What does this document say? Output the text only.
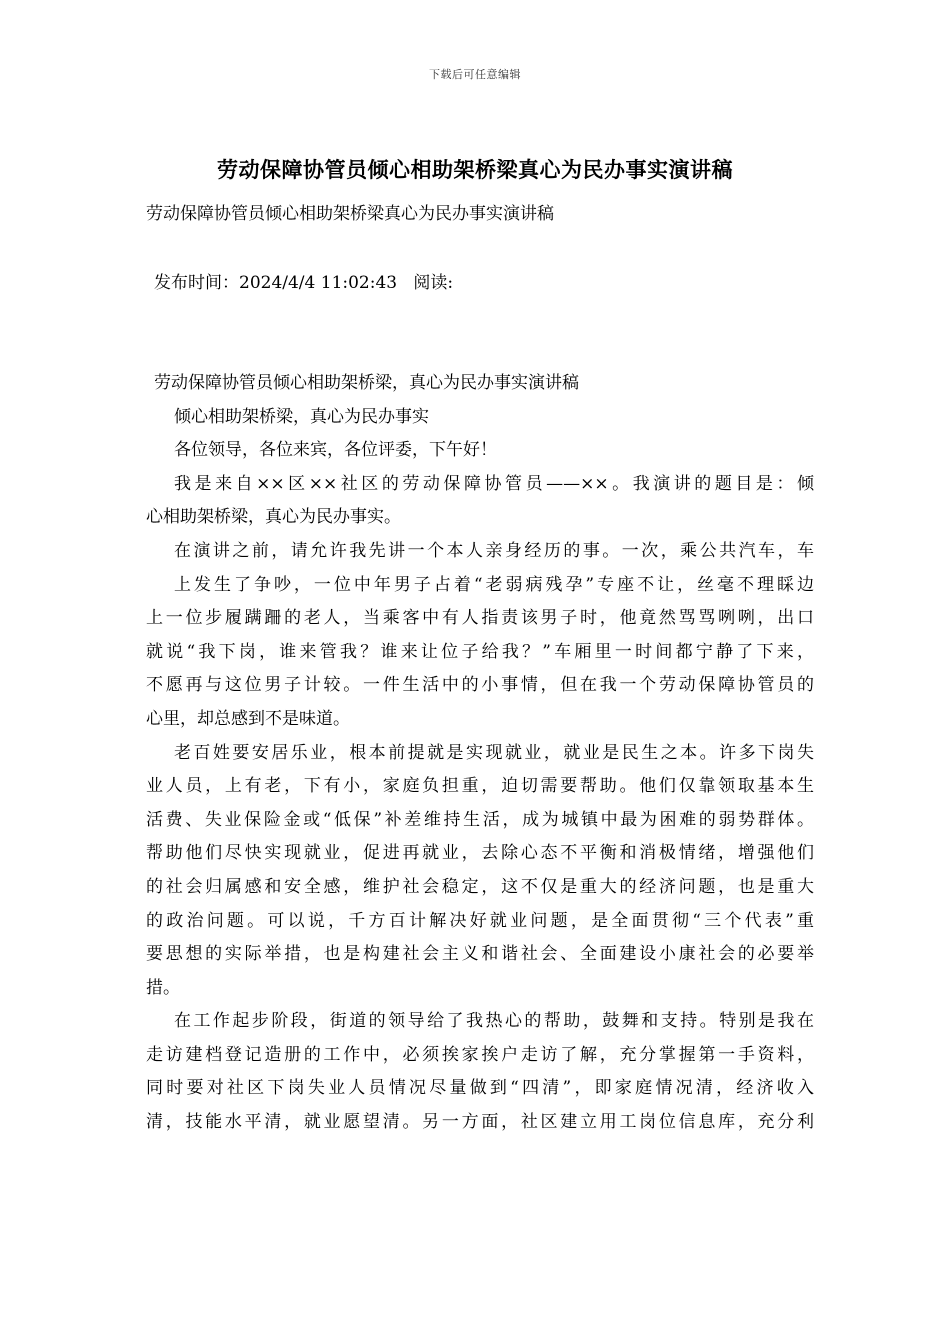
下载后可任意编辑
劳动保障协管员倾心相助架桥梁真心为民办事实演讲稿
劳动保障协管员倾心相助架桥梁真心为民办事实演讲稿
发布时间：2024/4/4 11:02:43 阅读:
劳动保障协管员倾心相助架桥梁，真心为民办事实演讲稿
倾心相助架桥梁，真心为民办事实
各位领导，各位来宾，各位评委，下午好！
我是来自××区××社区的劳动保障协管员——××。我演讲的题目是：倾
心相助架桥梁，真心为民办事实。
在演讲之前，请允许我先讲一个本人亲身经历的事。一次，乘公共汽车，车
上发生了争吵，一位中年男子占着“老弱病残孕”专座不让，丝毫不理睬边
上一位步履蹒跚的老人，当乘客中有人指责该男子时，他竟然骂骂咧咧，出口
就说“我下岗，谁来管我？谁来让位子给我？”车厢里一时间都宁静了下来，
不愿再与这位男子计较。一件生活中的小事情，但在我一个劳动保障协管员的
心里，却总感到不是味道。
老百姓要安居乐业，根本前提就是实现就业，就业是民生之本。许多下岗失
业人员，上有老，下有小，家庭负担重，迫切需要帮助。他们仅靠领取基本生
活费、失业保险金或“低保”补差维持生活，成为城镇中最为困难的弱势群体。
帮助他们尽快实现就业，促进再就业，去除心态不平衡和消极情绪，增强他们
的社会归属感和安全感，维护社会稳定，这不仅是重大的经济问题，也是重大
的政治问题。可以说，千方百计解决好就业问题，是全面贯彻“三个代表”重
要思想的实际举措，也是构建社会主义和谐社会、全面建设小康社会的必要举
措。
在工作起步阶段，街道的领导给了我热心的帮助，鼓舞和支持。特别是我在
走访建档登记造册的工作中，必须挨家挨户走访了解，充分掌握第一手资料，
同时要对社区下岗失业人员情况尽量做到“四清”，即家庭情况清，经济收入
清，技能水平清，就业愿望清。另一方面，社区建立用工岗位信息库，充分利
